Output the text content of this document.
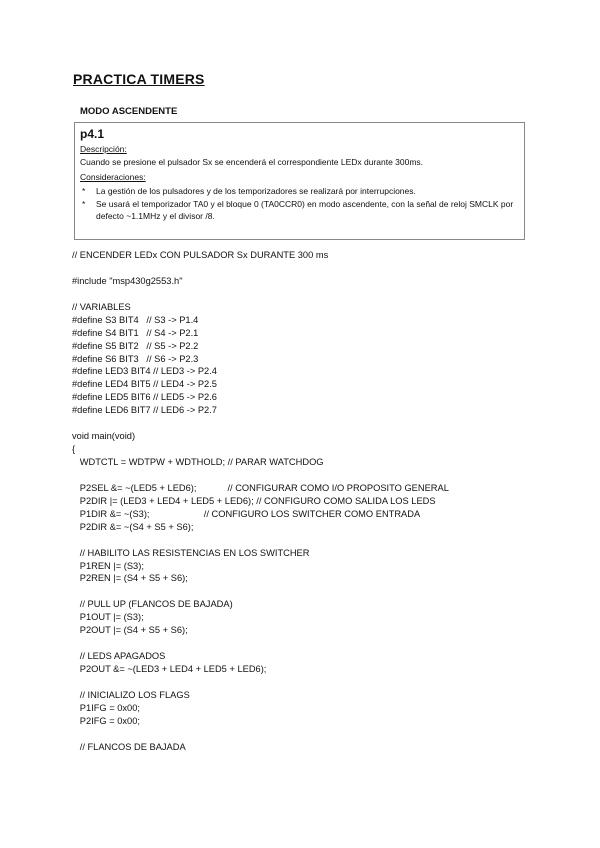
PRACTICA TIMERS
MODO ASCENDENTE
p4.1
Descripción:
Cuando se presione el pulsador Sx se encenderá el correspondiente LEDx durante 300ms.
Consideraciones:
* La gestión de los pulsadores y de los temporizadores se realizará por interrupciones.
* Se usará el temporizador TA0 y el bloque 0 (TA0CCR0) en modo ascendente, con la señal de reloj SMCLK por defecto ~1.1MHz y el divisor /8.
// ENCENDER LEDx CON PULSADOR Sx DURANTE 300 ms
#include "msp430g2553.h"
// VARIABLES
#define S3 BIT4   // S3 -> P1.4
#define S4 BIT1   // S4 -> P2.1
#define S5 BIT2   // S5 -> P2.2
#define S6 BIT3   // S6 -> P2.3
#define LED3 BIT4 // LED3 -> P2.4
#define LED4 BIT5 // LED4 -> P2.5
#define LED5 BIT6 // LED5 -> P2.6
#define LED6 BIT7 // LED6 -> P2.7
void main(void)
{
WDTCTL = WDTPW + WDTHOLD; // PARAR WATCHDOG
P2SEL &= ~(LED5 + LED6);            // CONFIGURAR COMO I/O PROPOSITO GENERAL
P2DIR |= (LED3 + LED4 + LED5 + LED6); // CONFIGURO COMO SALIDA LOS LEDS
P1DIR &= ~(S3);                     // CONFIGURO LOS SWITCHER COMO ENTRADA
P2DIR &= ~(S4 + S5 + S6);
// HABILITO LAS RESISTENCIAS EN LOS SWITCHER
P1REN |= (S3);
P2REN |= (S4 + S5 + S6);
// PULL UP (FLANCOS DE BAJADA)
P1OUT |= (S3);
P2OUT |= (S4 + S5 + S6);
// LEDS APAGADOS
P2OUT &= ~(LED3 + LED4 + LED5 + LED6);
// INICIALIZO LOS FLAGS
P1IFG = 0x00;
P2IFG = 0x00;
// FLANCOS DE BAJADA
